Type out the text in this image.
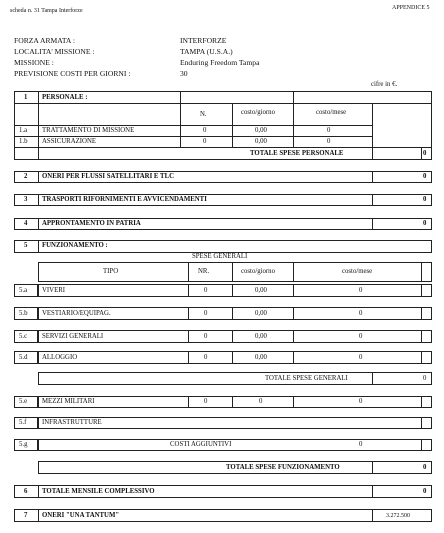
scheda n. 31 Tampa Interforze	APPENDICE 5
FORZA ARMATA :	INTERFORZE
LOCALITA' MISSIONE :	TAMPA (U.S.A.)
MISSIONE :	Enduring Freedom Tampa
PREVISIONE COSTI PER GIORNI :	30
cifre in €.
1 PERSONALE :
N.	costo/giorno	costo/mese
1.a TRATTAMENTO DI MISSIONE	0	0,00	0
1.b ASSICURAZIONE	0	0,00	0
TOTALE SPESE PERSONALE	0
2 ONERI PER FLUSSI SATELLITARI E TLC	0
3 TRASPORTI RIFORNIMENTI E AVVICENDAMENTI	0
4 APPRONTAMENTO IN PATRIA	0
5 FUNZIONAMENTO :
SPESE GENERALI
TIPO	NR.	costo/giorno	costo/mese
5.a VIVERI	0	0,00	0
5.b VESTIARIO/EQUIPAG.	0	0,00	0
5.c SERVIZI GENERALI	0	0,00	0
5.d ALLOGGIO	0	0,00	0
TOTALE SPESE GENERALI	0
5.e MEZZI MILITARI	0	0	0
5.f INFRASTRUTTURE
5.g	COSTI AGGIUNTIVI	0
TOTALE SPESE FUNZIONAMENTO	0
6 TOTALE MENSILE COMPLESSIVO	0
7 ONERI "UNA TANTUM"	3.272.500
